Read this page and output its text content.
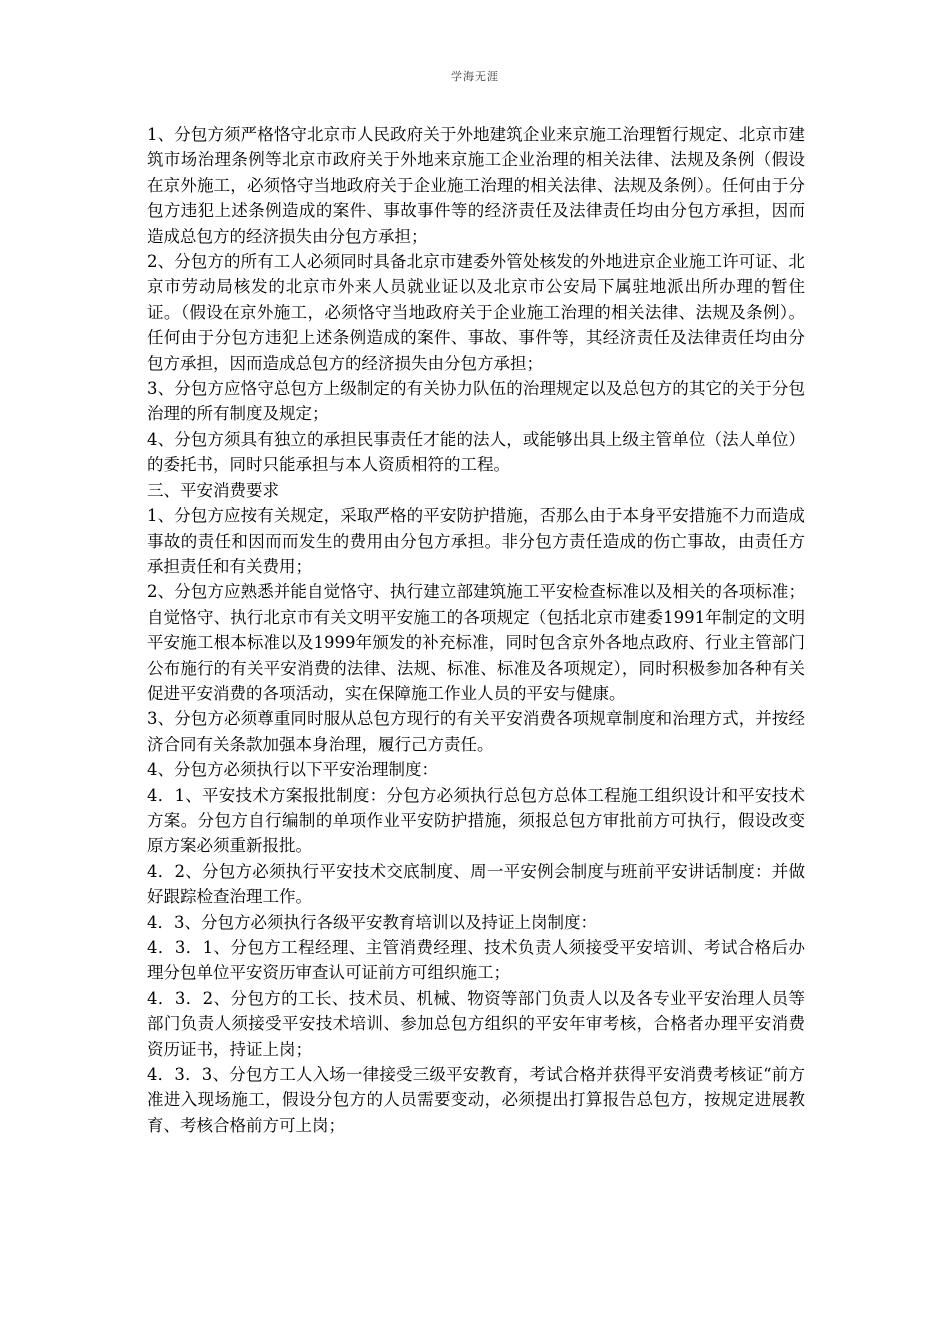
学海无涯

1、分包方须严格恪守北京市人民政府关于外地建筑企业来京施工治理暂行规定、北京市建筑市场治理条例等北京市政府关于外地来京施工企业治理的相关法律、法规及条例（假设在京外施工，必须恪守当地政府关于企业施工治理的相关法律、法规及条例）。任何由于分包方违犯上述条例造成的案件、事故事件等的经济责任及法律责任均由分包方承担，因而造成总包方的经济损失由分包方承担；

2、分包方的所有工人必须同时具备北京市建委外管处核发的外地进京企业施工许可证、北京市劳动局核发的北京市外来人员就业证以及北京市公安局下属驻地派出所办理的暂住证。（假设在京外施工，必须恪守当地政府关于企业施工治理的相关法律、法规及条例）。任何由于分包方违犯上述条例造成的案件、事故、事件等，其经济责任及法律责任均由分包方承担，因而造成总包方的经济损失由分包方承担；

3、分包方应恪守总包方上级制定的有关协力队伍的治理规定以及总包方的其它的关于分包治理的所有制度及规定；

4、分包方须具有独立的承担民事责任才能的法人，或能够出具上级主管单位（法人单位）的委托书，同时只能承担与本人资质相符的工程。

三、平安消费要求

1、分包方应按有关规定，采取严格的平安防护措施，否那么由于本身平安措施不力而造成事故的责任和因而而发生的费用由分包方承担。非分包方责任造成的伤亡事故，由责任方承担责任和有关费用；

2、分包方应熟悉并能自觉恪守、执行建立部建筑施工平安检查标准以及相关的各项标准；自觉恪守、执行北京市有关文明平安施工的各项规定（包括北京市建委1991年制定的文明平安施工根本标准以及1999年颁发的补充标准，同时包含京外各地点政府、行业主管部门公布施行的有关平安消费的法律、法规、标准、标准及各项规定），同时积极参加各种有关促进平安消费的各项活动，实在保障施工作业人员的平安与健康。

3、分包方必须尊重同时服从总包方现行的有关平安消费各项规章制度和治理方式，并按经济合同有关条款加强本身治理，履行己方责任。

4、分包方必须执行以下平安治理制度：

4．1、平安技术方案报批制度：分包方必须执行总包方总体工程施工组织设计和平安技术方案。分包方自行编制的单项作业平安防护措施，须报总包方审批前方可执行，假设改变原方案必须重新报批。

4．2、分包方必须执行平安技术交底制度、周一平安例会制度与班前平安讲话制度：并做好跟踪检查治理工作。

4．3、分包方必须执行各级平安教育培训以及持证上岗制度：

4．3．1、分包方工程经理、主管消费经理、技术负责人须接受平安培训、考试合格后办理分包单位平安资历审查认可证前方可组织施工；

4．3．2、分包方的工长、技术员、机械、物资等部门负责人以及各专业平安治理人员等部门负责人须接受平安技术培训、参加总包方组织的平安年审考核，合格者办理平安消费资历证书，持证上岗；

4．3．3、分包方工人入场一律接受三级平安教育，考试合格并获得平安消费考核证“前方准进入现场施工，假设分包方的人员需要变动，必须提出打算报告总包方，按规定进展教育、考核合格前方可上岗；
